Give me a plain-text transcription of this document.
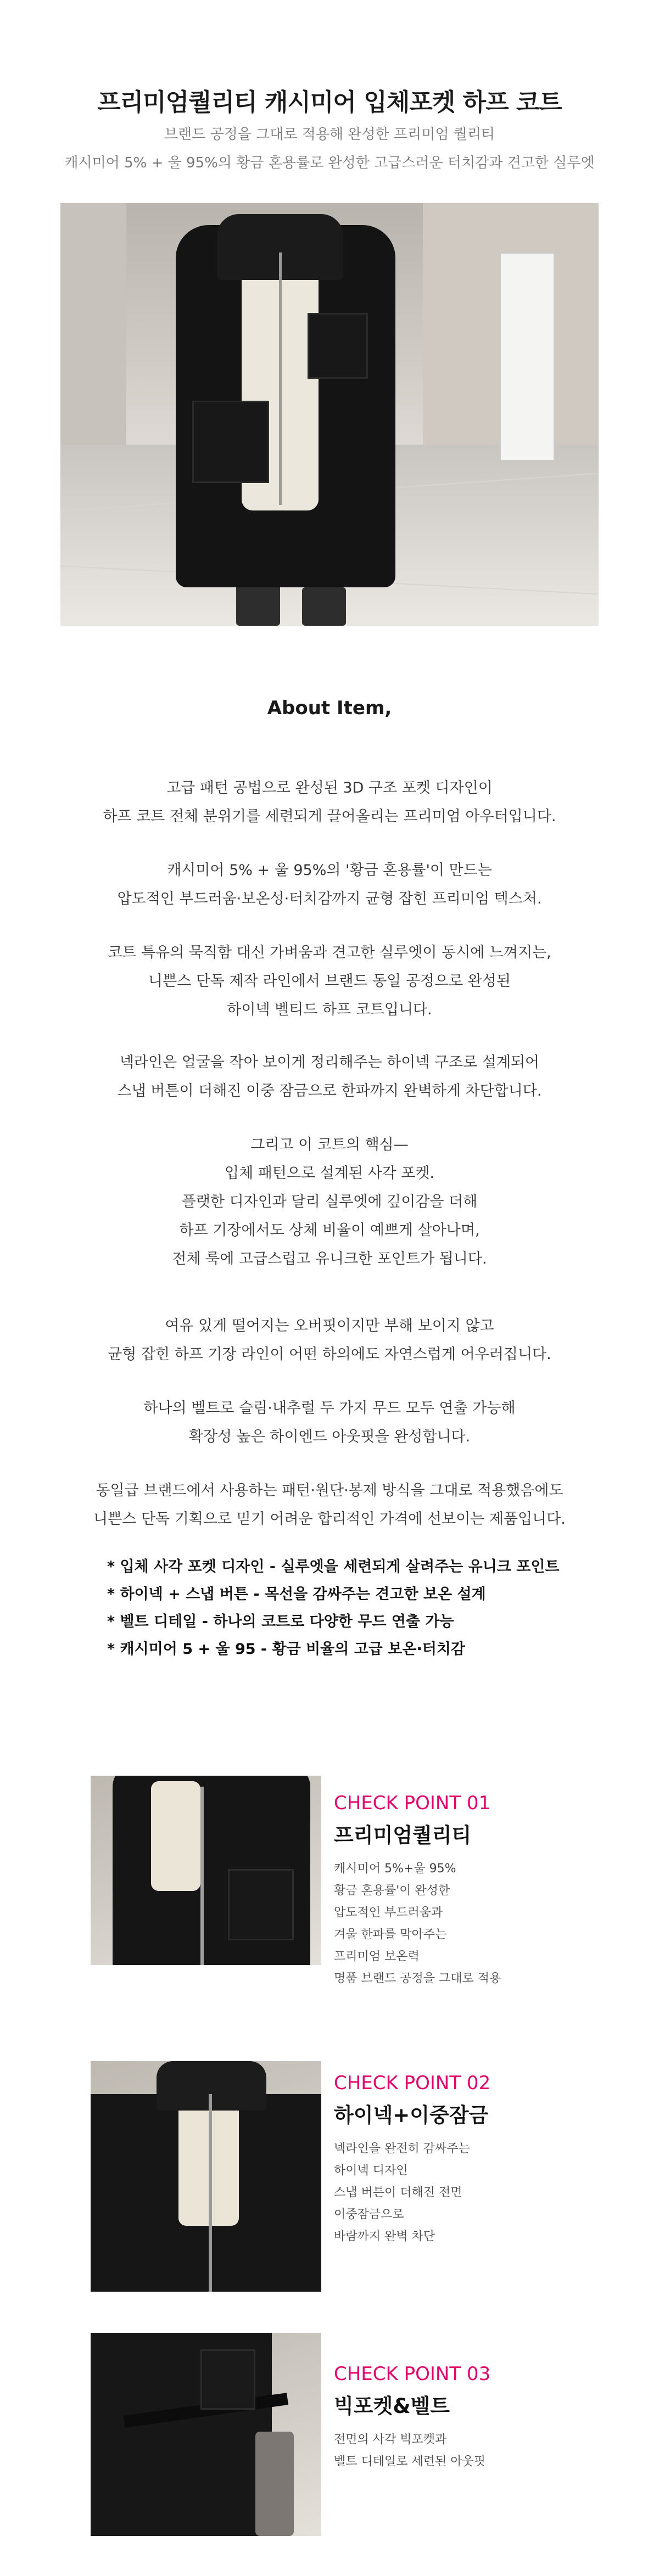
프리미엄퀄리티 캐시미어 입체포켓 하프 코트
브랜드 공정을 그대로 적용해 완성한 프리미엄 퀄리티
캐시미어 5% + 울 95%의 황금 혼용률로 완성한 고급스러운 터치감과 견고한 실루엣
About Item,
고급 패턴 공법으로 완성된 3D 구조 포켓 디자인이
하프 코트 전체 분위기를 세련되게 끌어올리는 프리미엄 아우터입니다.
캐시미어 5% + 울 95%의 '황금 혼용률'이 만드는
압도적인 부드러움·보온성·터치감까지 균형 잡힌 프리미엄 텍스처.
코트 특유의 묵직함 대신 가벼움과 견고한 실루엣이 동시에 느껴지는,
니쁜스 단독 제작 라인에서 브랜드 동일 공정으로 완성된
하이넥 벨티드 하프 코트입니다.
넥라인은 얼굴을 작아 보이게 정리해주는 하이넥 구조로 설계되어
스냅 버튼이 더해진 이중 잠금으로 한파까지 완벽하게 차단합니다.
그리고 이 코트의 핵심—
입체 패턴으로 설계된 사각 포켓.
플랫한 디자인과 달리 실루엣에 깊이감을 더해
하프 기장에서도 상체 비율이 예쁘게 살아나며,
전체 룩에 고급스럽고 유니크한 포인트가 됩니다.
여유 있게 떨어지는 오버핏이지만 부해 보이지 않고
균형 잡힌 하프 기장 라인이 어떤 하의에도 자연스럽게 어우러집니다.
하나의 벨트로 슬림·내추럴 두 가지 무드 모두 연출 가능해
확장성 높은 하이엔드 아웃핏을 완성합니다.
동일급 브랜드에서 사용하는 패턴·원단·봉제 방식을 그대로 적용했음에도
니쁜스 단독 기획으로 믿기 어려운 합리적인 가격에 선보이는 제품입니다.
* 입체 사각 포켓 디자인 - 실루엣을 세련되게 살려주는 유니크 포인트
* 하이넥 + 스냅 버튼 - 목선을 감싸주는 견고한 보온 설계
* 벨트 디테일 - 하나의 코트로 다양한 무드 연출 가능
* 캐시미어 5 + 울 95 - 황금 비율의 고급 보온·터치감
CHECK POINT 01
프리미엄퀄리티
캐시미어 5%+울 95%
황금 혼용률'이 완성한
압도적인 부드러움과
겨울 한파를 막아주는
프리미엄 보온력
명품 브랜드 공정을 그대로 적용
CHECK POINT 02
하이넥+이중잠금
넥라인을 완전히 감싸주는
하이넥 디자인
스냅 버튼이 더해진 전면
이중잠금으로
바람까지 완벽 차단
CHECK POINT 03
빅포켓&벨트
전면의 사각 빅포켓과
벨트 디테일로 세련된 아웃핏
